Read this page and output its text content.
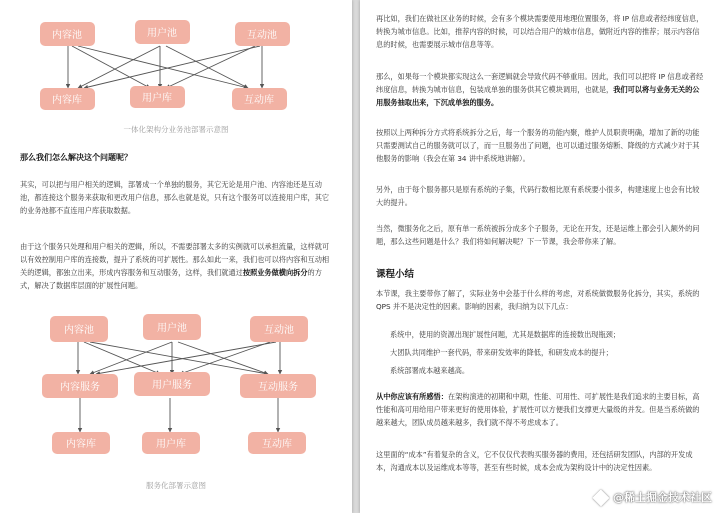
内容池	用户池	互动池
内容库	用户库	互动库
一体化架构分业务池部署示意图
那么我们怎么解决这个问题呢？

其实，可以把与用户相关的逻辑，部署成一个单独的服务，其它无论是用户池、内容池还是互动池，都连接这个服务来获取和更改用户信息，那么也就是说，只有这个服务可以连接用户库，其它的业务池都不直连用户库获取数据。

由于这个服务只处理和用户相关的逻辑，所以，不需要部署太多的实例就可以承担流量，这样就可以有效控制用户库的连接数，提升了系统的可扩展性。那么如此一来，我们也可以将内容和互动相关的逻辑，都独立出来，形成内容服务和互动服务，这样，我们就通过按照业务做横向拆分的方式，解决了数据库层面的扩展性问题。

内容池	用户池	互动池
内容服务	用户服务	互动服务
内容库	用户库	互动库
服务化部署示意图

再比如，我们在做社区业务的时候，会有多个模块需要使用地理位置服务，将 IP 信息或者经纬度信息，转换为城市信息。比如，推荐内容的时候，可以结合用户的城市信息，做附近内容的推荐；展示内容信息的时候，也需要展示城市信息等等。

那么，如果每一个模块都实现这么一套逻辑就会导致代码不够重用。因此，我们可以把将 IP 信息或者经纬度信息，转换为城市信息，包装成单独的服务供其它模块调用，也就是，我们可以将与业务无关的公用服务抽取出来，下沉成单独的服务。

按照以上两种拆分方式将系统拆分之后，每一个服务的功能内聚，维护人员职责明确，增加了新的功能只需要测试自己的服务就可以了，而一旦服务出了问题，也可以通过服务熔断、降级的方式减少对于其他服务的影响（我会在第 34 讲中系统地讲解）。

另外，由于每个服务都只是原有系统的子集，代码行数相比原有系统要小很多，构建速度上也会有比较大的提升。

当然，微服务化之后，原有单一系统被拆分成多个子服务，无论在开发，还是运维上都会引入额外的问题，那么这些问题是什么？我们将如何解决呢？下一节课，我会带你来了解。

课程小结

本节课，我主要带你了解了，实际业务中会基于什么样的考虑，对系统做微服务化拆分，其实，系统的 QPS 并不是决定性的因素。影响的因素，我归纳为以下几点：

系统中，使用的资源出现扩展性问题，尤其是数据库的连接数出现瓶颈；
大团队共同维护一套代码，带来研发效率的降低，和研发成本的提升；
系统部署成本越来越高。

从中你应该有所感悟：在架构演进的初期和中期，性能、可用性、可扩展性是我们追求的主要目标，高性能和高可用给用户带来更好的使用体验，扩展性可以方便我们支撑更大量级的并发。但是当系统做的越来越大，团队成员越来越多，我们就不得不考虑成本了。

这里面的“成本”有着复杂的含义，它不仅仅代表购买服务器的费用，还包括研发团队，内部的开发成本，沟通成本以及运维成本等等，甚至有些时候，成本会成为架构设计中的决定性因素。

@稀土掘金技术社区
